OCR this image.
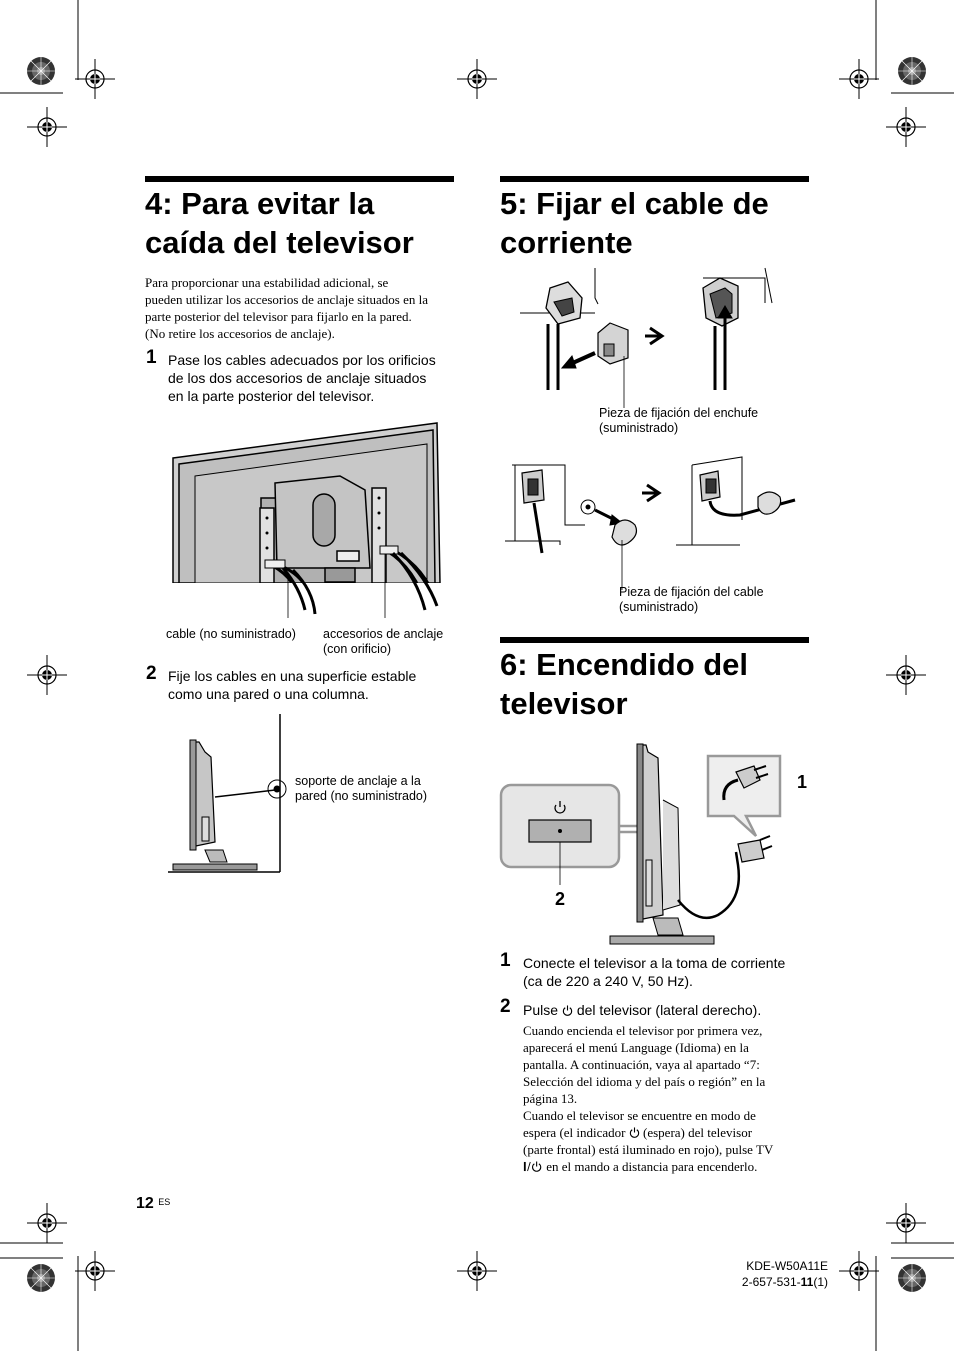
4: Para evitar la
caída del televisor
Para proporcionar una estabilidad adicional, se
pueden utilizar los accesorios de anclaje situados en la
parte posterior del televisor para fijarlo en la pared.
(No retire los accesorios de anclaje).
1 Pase los cables adecuados por los orificios
de los dos accesorios de anclaje situados
en la parte posterior del televisor.
cable (no suministrado) accesorios de anclaje
(con orificio)
2 Fije los cables en una superficie estable
como una pared o una columna.
soporte de anclaje a la
pared (no suministrado)
5: Fijar el cable de
corriente
Pieza de fijación del enchufe
(suministrado)
Pieza de fijación del cable
(suministrado)
6: Encendido del
televisor
1
2
1 Conecte el televisor a la toma de corriente
(ca de 220 a 240 V, 50 Hz).
2 Pulse del televisor (lateral derecho).
Cuando encienda el televisor por primera vez,
aparecerá el menú Language (Idioma) en la
pantalla. A continuación, vaya al apartado “7:
Selección del idioma y del país o región” en la
página 13.
Cuando el televisor se encuentre en modo de
espera (el indicador (espera) del televisor
(parte frontal) está iluminado en rojo), pulse TV
en el mando a distancia para encenderlo.
12 ES
KDE-W50A11E
2-657-531-11(1)
